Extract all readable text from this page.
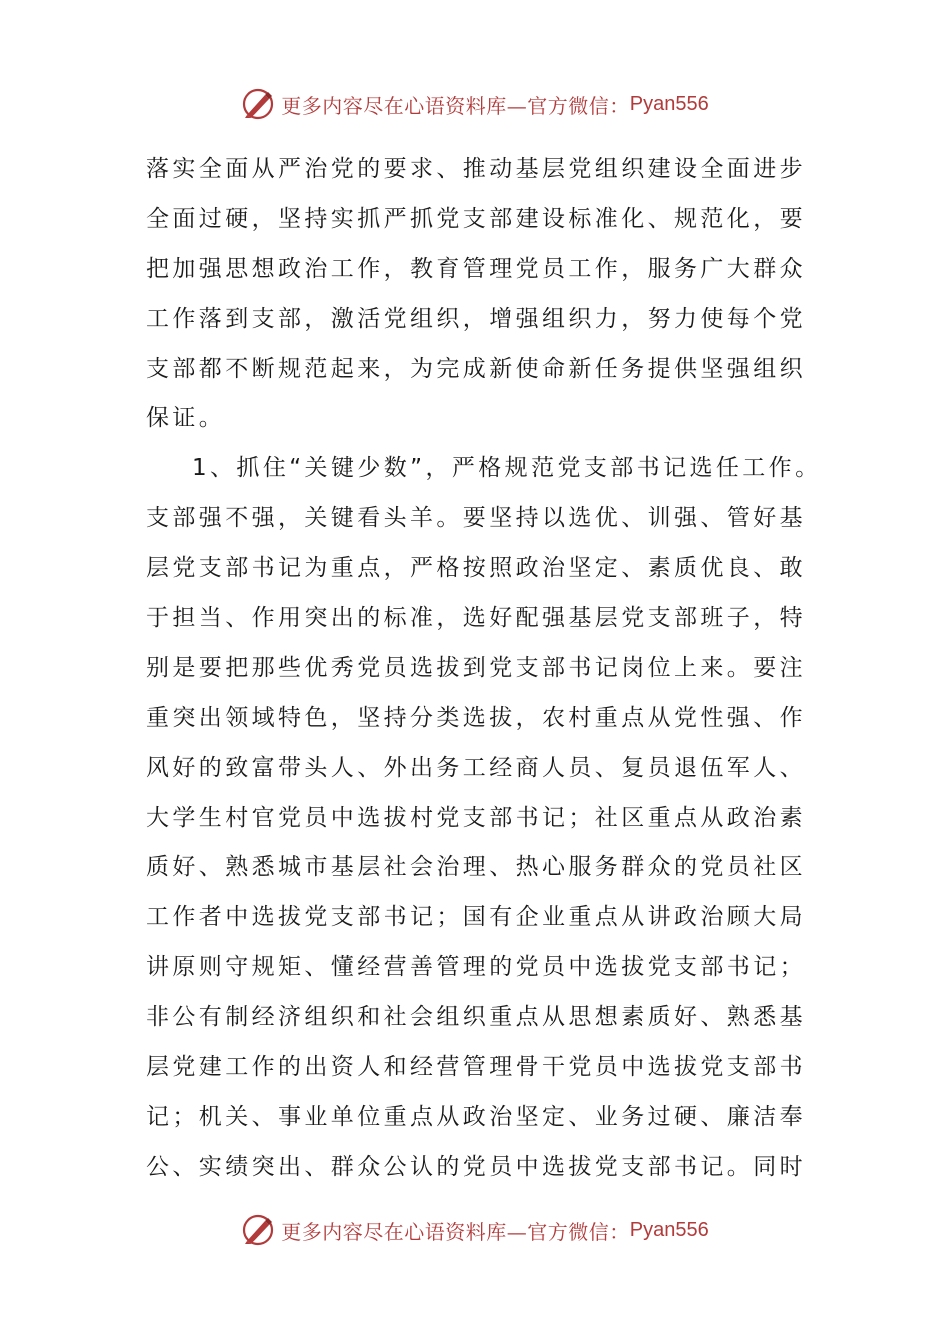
更多内容尽在心语资料库—官方微信： Pyan556
落实全面从严治党的要求、推动基层党组织建设全面进步
全面过硬，坚持实抓严抓党支部建设标准化、规范化，要
把加强思想政治工作，教育管理党员工作，服务广大群众
工作落到支部，激活党组织，增强组织力，努力使每个党
支部都不断规范起来，为完成新使命新任务提供坚强组织
保证。
1、抓住“关键少数”，严格规范党支部书记选任工作。
支部强不强，关键看头羊。要坚持以选优、训强、管好基
层党支部书记为重点，严格按照政治坚定、素质优良、敢
于担当、作用突出的标准，选好配强基层党支部班子，特
别是要把那些优秀党员选拔到党支部书记岗位上来。要注
重突出领域特色，坚持分类选拔，农村重点从党性强、作
风好的致富带头人、外出务工经商人员、复员退伍军人、
大学生村官党员中选拔村党支部书记；社区重点从政治素
质好、熟悉城市基层社会治理、热心服务群众的党员社区
工作者中选拔党支部书记；国有企业重点从讲政治顾大局
讲原则守规矩、懂经营善管理的党员中选拔党支部书记；
非公有制经济组织和社会组织重点从思想素质好、熟悉基
层党建工作的出资人和经营管理骨干党员中选拔党支部书
记；机关、事业单位重点从政治坚定、业务过硬、廉洁奉
公、实绩突出、群众公认的党员中选拔党支部书记。同时
更多内容尽在心语资料库—官方微信： Pyan556
